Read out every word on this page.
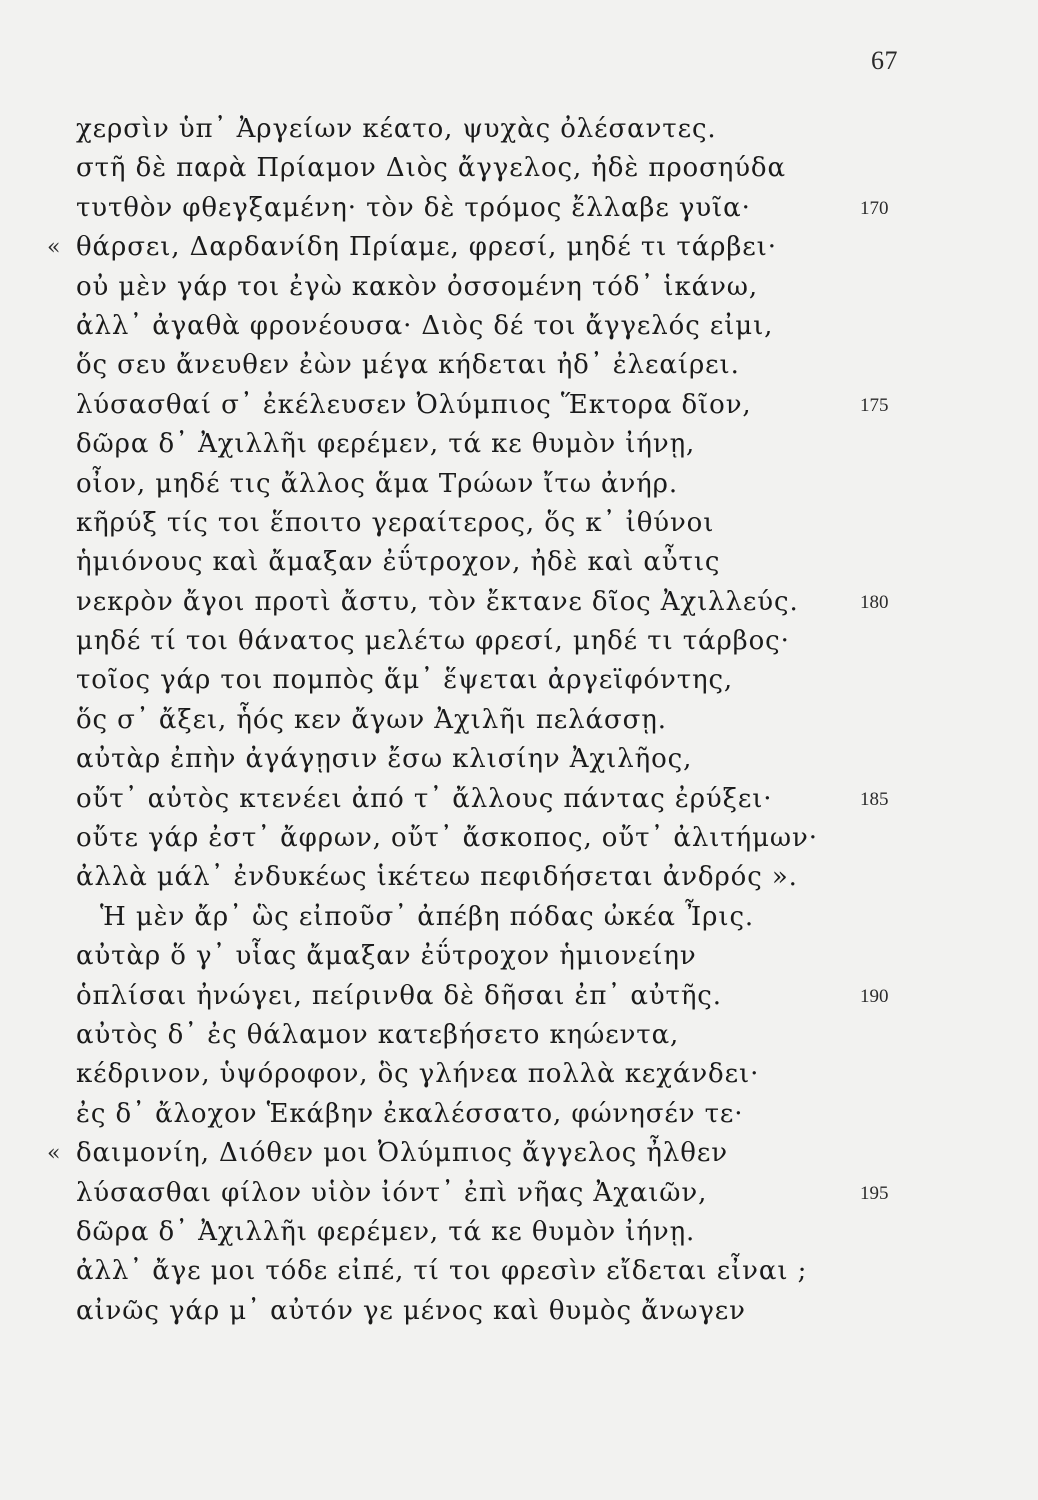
67
χερσὶν ὑπ᾽ Ἀργείων κέατο, ψυχὰς ὀλέσαντες.
στῆ δὲ παρὰ Πρίαμον Διὸς ἄγγελος, ἠδὲ προσηύδα
τυτθὸν φθεγξαμένη· τὸν δὲ τρόμος ἔλλαβε γυῖα·	170
« θάρσει, Δαρδανίδη Πρίαμε, φρεσί, μηδέ τι τάρβει·
οὐ μὲν γάρ τοι ἐγὼ κακὸν ὀσσομένη τόδ᾽ ἱκάνω,
ἀλλ᾽ ἀγαθὰ φρονέουσα· Διὸς δέ τοι ἄγγελός εἰμι,
ὅς σευ ἄνευθεν ἐὼν μέγα κήδεται ἠδ᾽ ἐλεαίρει.
λύσασθαί σ᾽ ἐκέλευσεν Ὀλύμπιος Ἕκτορα δῖον,	175
δῶρα δ᾽ Ἀχιλλῆι φερέμεν, τά κε θυμὸν ἰήνῃ,
οἶον, μηδέ τις ἄλλος ἅμα Τρώων ἴτω ἀνήρ.
κῆρύξ τίς τοι ἕποιτο γεραίτερος, ὅς κ᾽ ἰθύνοι
ἡμιόνους καὶ ἄμαξαν ἐΰτροχον, ἠδὲ καὶ αὖτις
νεκρὸν ἄγοι προτὶ ἄστυ, τὸν ἔκτανε δῖος Ἀχιλλεύς.	180
μηδέ τί τοι θάνατος μελέτω φρεσί, μηδέ τι τάρβος·
τοῖος γάρ τοι πομπὸς ἅμ᾽ ἕψεται ἀργεϊφόντης,
ὅς σ᾽ ἄξει, ἧός κεν ἄγων Ἀχιλῆι πελάσσῃ.
αὐτὰρ ἐπὴν ἀγάγῃσιν ἔσω κλισίην Ἀχιλῆος,
οὔτ᾽ αὐτὸς κτενέει ἀπό τ᾽ ἄλλους πάντας ἐρύξει·	185
οὔτε γάρ ἐστ᾽ ἄφρων, οὔτ᾽ ἄσκοπος, οὔτ᾽ ἀλιτήμων·
ἀλλὰ μάλ᾽ ἐνδυκέως ἱκέτεω πεφιδήσεται ἀνδρός ».
Ἡ μὲν ἄρ᾽ ὣς εἰποῦσ᾽ ἀπέβη πόδας ὠκέα Ἶρις.
αὐτὰρ ὅ γ᾽ υἷας ἄμαξαν ἐΰτροχον ἡμιονείην
ὁπλίσαι ἠνώγει, πείρινθα δὲ δῆσαι ἐπ᾽ αὐτῆς.	190
αὐτὸς δ᾽ ἐς θάλαμον κατεβήσετο κηώεντα,
κέδρινον, ὑψόροφον, ὃς γλήνεα πολλὰ κεχάνδει·
ἐς δ᾽ ἄλοχον Ἑκάβην ἐκαλέσσατο, φώνησέν τε·
« δαιμονίη, Διόθεν μοι Ὀλύμπιος ἄγγελος ἦλθεν
λύσασθαι φίλον υἱὸν ἰόντ᾽ ἐπὶ νῆας Ἀχαιῶν,	195
δῶρα δ᾽ Ἀχιλλῆι φερέμεν, τά κε θυμὸν ἰήνῃ.
ἀλλ᾽ ἄγε μοι τόδε εἰπέ, τί τοι φρεσὶν εἴδεται εἶναι ;
αἰνῶς γάρ μ᾽ αὐτόν γε μένος καὶ θυμὸς ἄνωγεν
